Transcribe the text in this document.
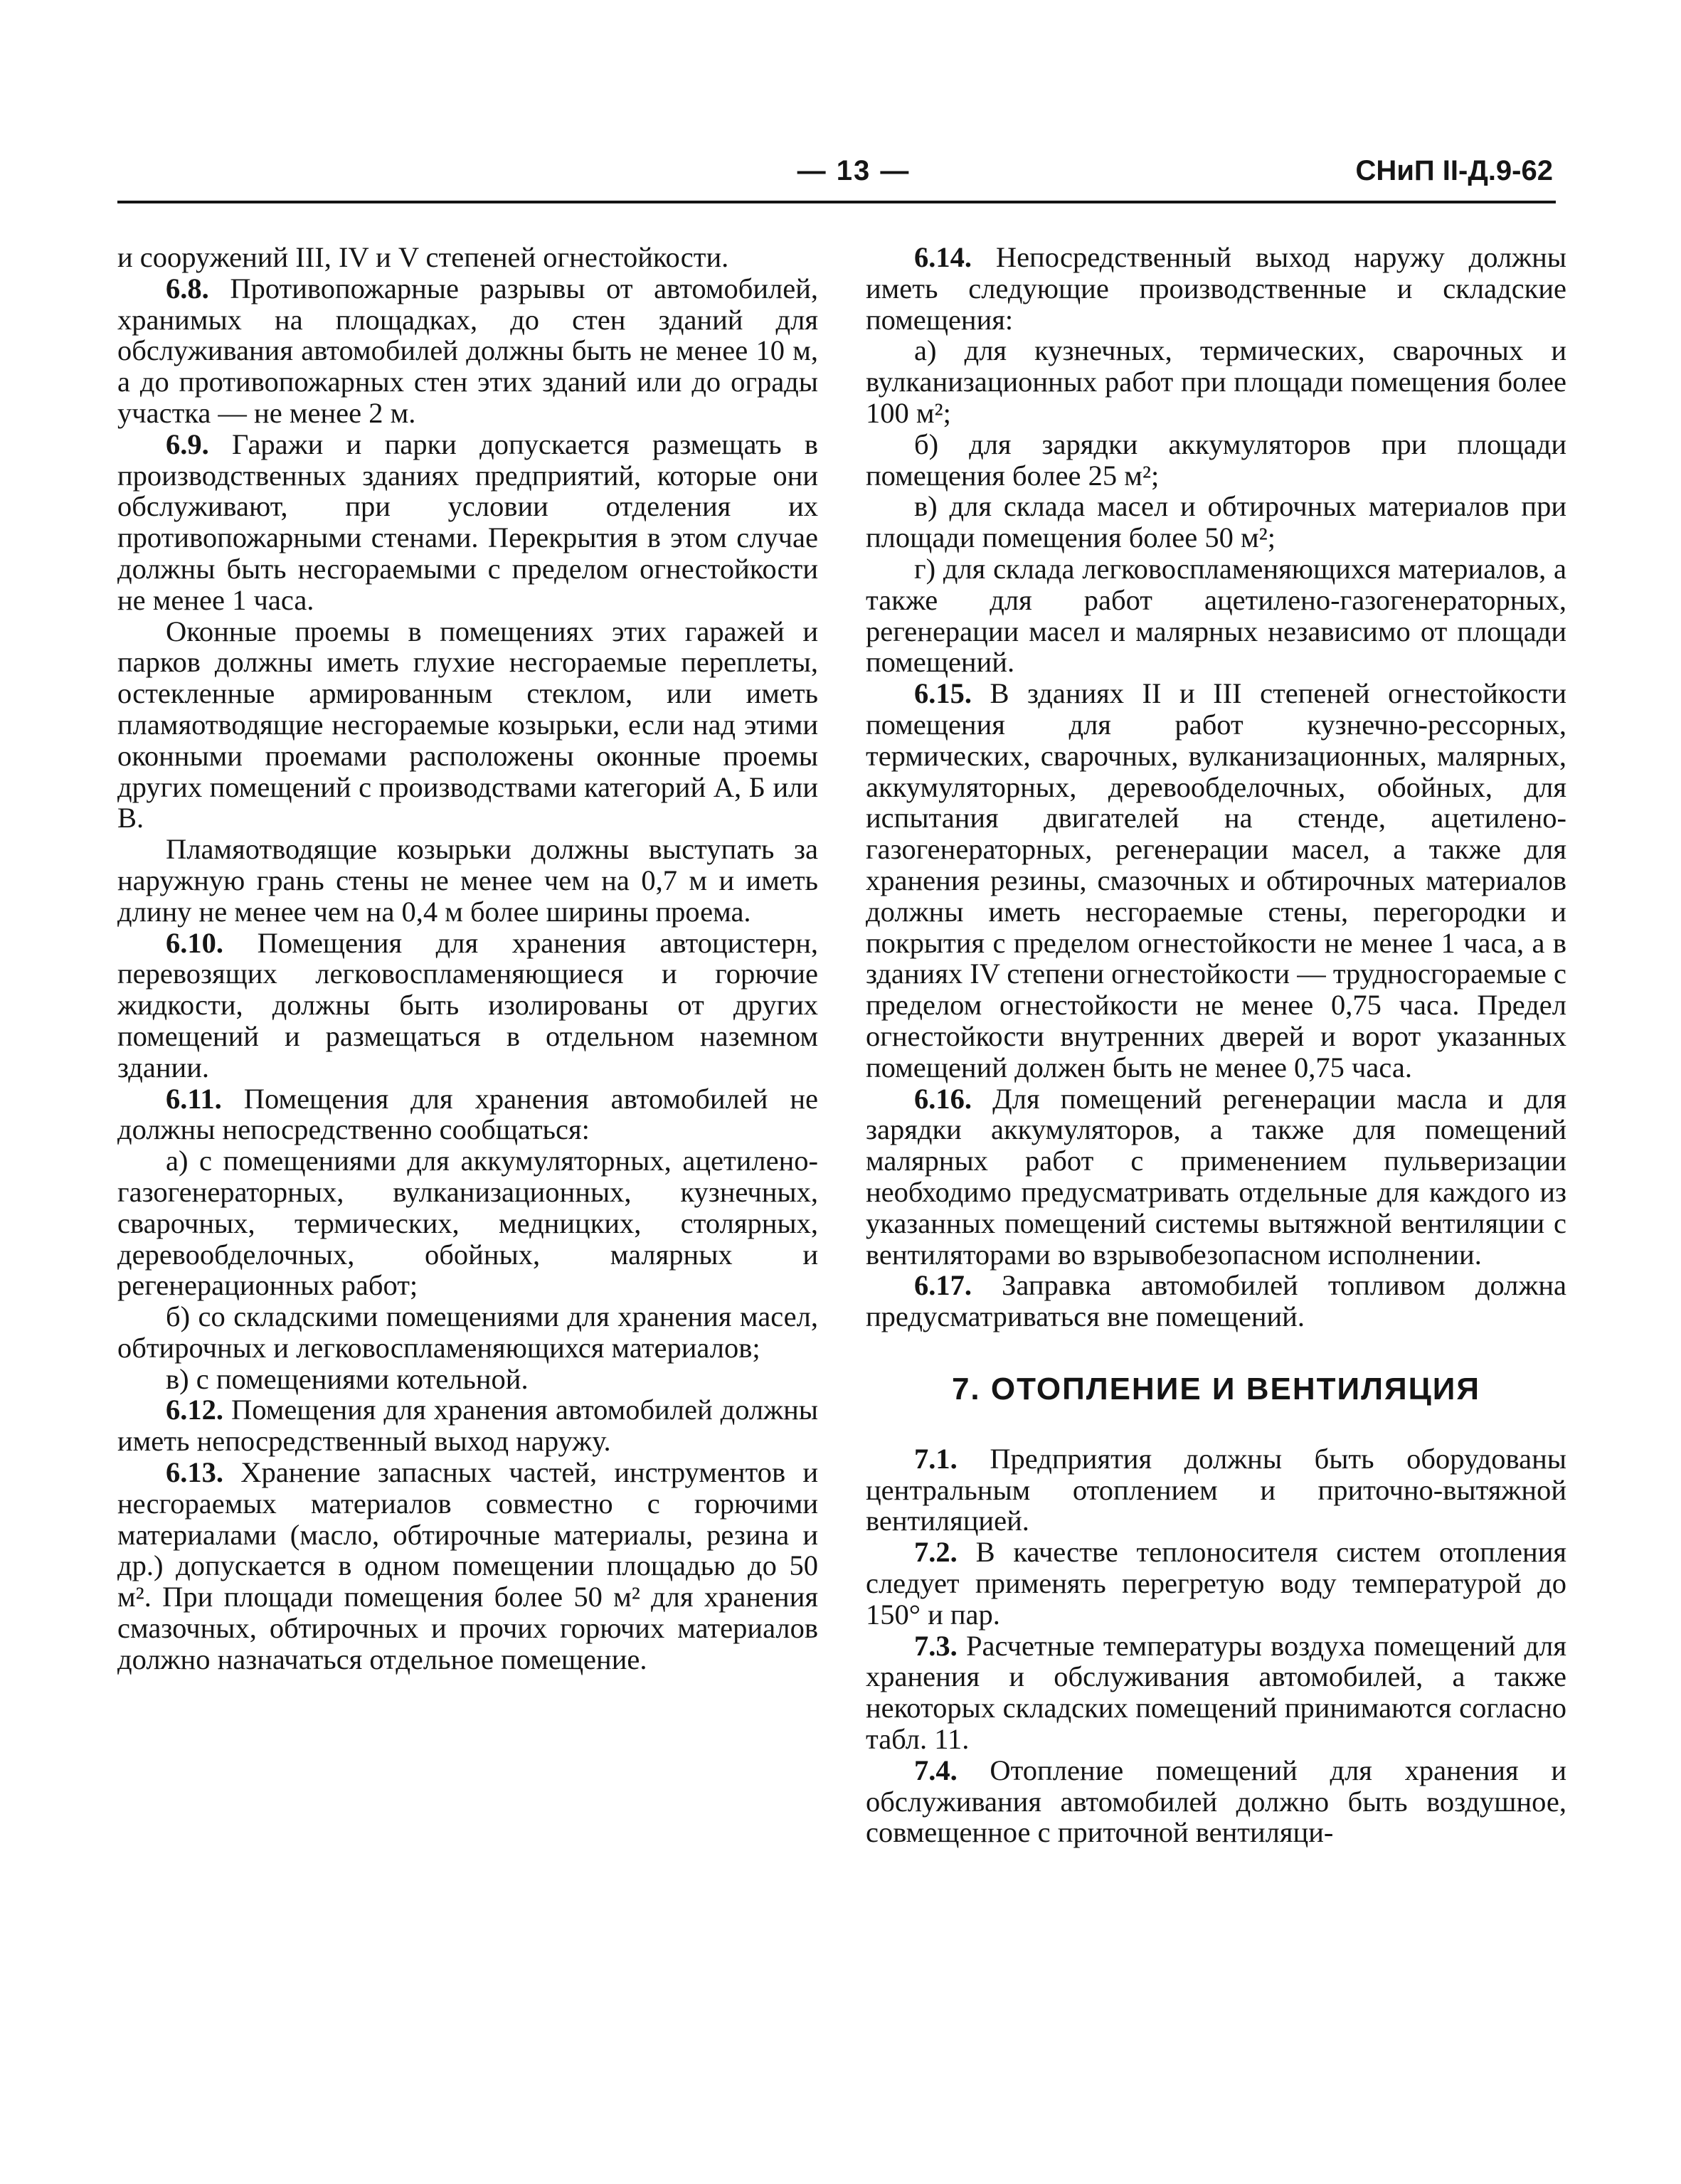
— 13 —	СНиП II-Д.9-62

и сооружений III, IV и V степеней огнестойкости.

6.8. Противопожарные разрывы от автомобилей, хранимых на площадках, до стен зданий для обслуживания автомобилей должны быть не менее 10 м, а до противопожарных стен этих зданий или до ограды участка — не менее 2 м.

6.9. Гаражи и парки допускается размещать в производственных зданиях предприятий, которые они обслуживают, при условии отделения их противопожарными стенами. Перекрытия в этом случае должны быть несгораемыми с пределом огнестойкости не менее 1 часа.

Оконные проемы в помещениях этих гаражей и парков должны иметь глухие несгораемые переплеты, остекленные армированным стеклом, или иметь пламяотводящие несгораемые козырьки, если над этими оконными проемами расположены оконные проемы других помещений с производствами категорий А, Б или В.

Пламяотводящие козырьки должны выступать за наружную грань стены не менее чем на 0,7 м и иметь длину не менее чем на 0,4 м более ширины проема.

6.10. Помещения для хранения автоцистерн, перевозящих легковоспламеняющиеся и горючие жидкости, должны быть изолированы от других помещений и размещаться в отдельном наземном здании.

6.11. Помещения для хранения автомобилей не должны непосредственно сообщаться:

а) с помещениями для аккумуляторных, ацетилено-газогенераторных, вулканизационных, кузнечных, сварочных, термических, медницких, столярных, деревообделочных, обойных, малярных и регенерационных работ;

б) со складскими помещениями для хранения масел, обтирочных и легковоспламеняющихся материалов;

в) с помещениями котельной.

6.12. Помещения для хранения автомобилей должны иметь непосредственный выход наружу.

6.13. Хранение запасных частей, инструментов и несгораемых материалов совместно с горючими материалами (масло, обтирочные материалы, резина и др.) допускается в одном помещении площадью до 50 м². При площади помещения более 50 м² для хранения смазочных, обтирочных и прочих горючих материалов должно назначаться отдельное помещение.

6.14. Непосредственный выход наружу должны иметь следующие производственные и складские помещения:

а) для кузнечных, термических, сварочных и вулканизационных работ при площади помещения более 100 м²;

б) для зарядки аккумуляторов при площади помещения более 25 м²;

в) для склада масел и обтирочных материалов при площади помещения более 50 м²;

г) для склада легковоспламеняющихся материалов, а также для работ ацетилено-газогенераторных, регенерации масел и малярных независимо от площади помещений.

6.15. В зданиях II и III степеней огнестойкости помещения для работ кузнечно-рессорных, термических, сварочных, вулканизационных, малярных, аккумуляторных, деревообделочных, обойных, для испытания двигателей на стенде, ацетилено-газогенераторных, регенерации масел, а также для хранения резины, смазочных и обтирочных материалов должны иметь несгораемые стены, перегородки и покрытия с пределом огнестойкости не менее 1 часа, а в зданиях IV степени огнестойкости — трудносгораемые с пределом огнестойкости не менее 0,75 часа. Предел огнестойкости внутренних дверей и ворот указанных помещений должен быть не менее 0,75 часа.

6.16. Для помещений регенерации масла и для зарядки аккумуляторов, а также для помещений малярных работ с применением пульверизации необходимо предусматривать отдельные для каждого из указанных помещений системы вытяжной вентиляции с вентиляторами во взрывобезопасном исполнении.

6.17. Заправка автомобилей топливом должна предусматриваться вне помещений.

7. ОТОПЛЕНИЕ И ВЕНТИЛЯЦИЯ

7.1. Предприятия должны быть оборудованы центральным отоплением и приточно-вытяжной вентиляцией.

7.2. В качестве теплоносителя систем отопления следует применять перегретую воду температурой до 150° и пар.

7.3. Расчетные температуры воздуха помещений для хранения и обслуживания автомобилей, а также некоторых складских помещений принимаются согласно табл. 11.

7.4. Отопление помещений для хранения и обслуживания автомобилей должно быть воздушное, совмещенное с приточной вентиляци-
